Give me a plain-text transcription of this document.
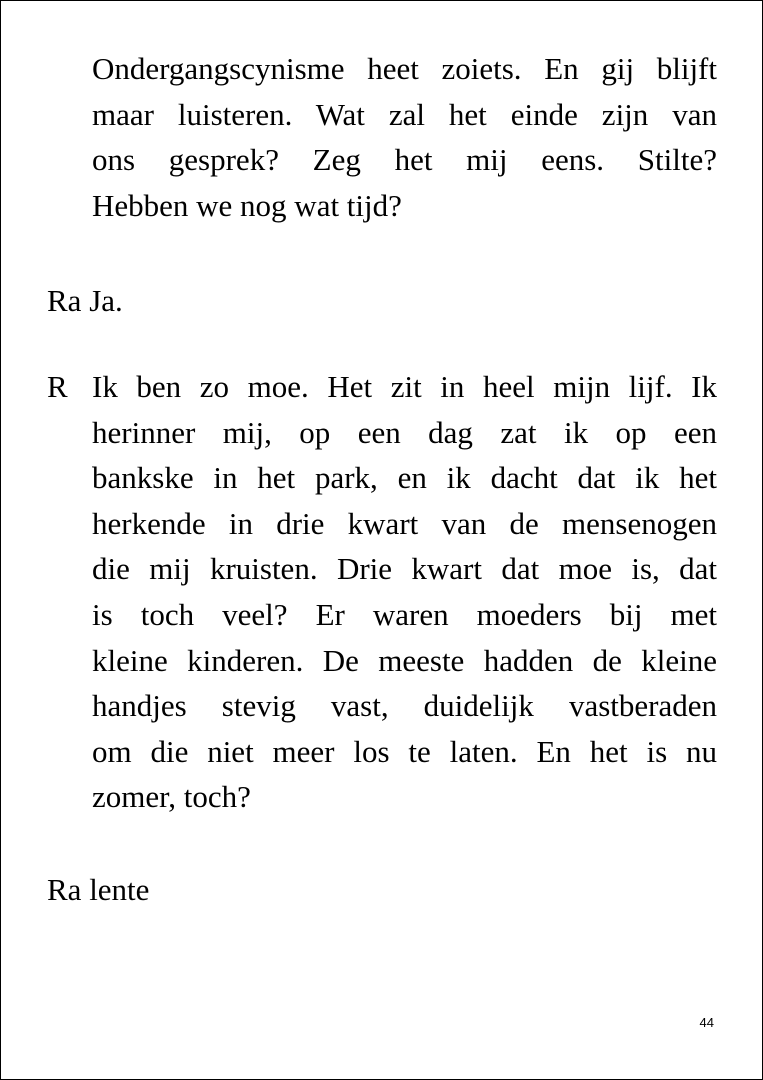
Ondergangscynisme heet zoiets. En gij blijft
maar luisteren. Wat zal het einde zijn van
ons gesprek? Zeg het mij eens. Stilte?
Hebben we nog wat tijd?
Ra Ja.
R Ik ben zo moe. Het zit in heel mijn lijf. Ik
herinner mij, op een dag zat ik op een
bankske in het park, en ik dacht dat ik het
herkende in drie kwart van de mensenogen
die mij kruisten. Drie kwart dat moe is, dat
is toch veel? Er waren moeders bij met
kleine kinderen. De meeste hadden de kleine
handjes stevig vast, duidelijk vastberaden
om die niet meer los te laten. En het is nu
zomer, toch?
Ra lente
44
